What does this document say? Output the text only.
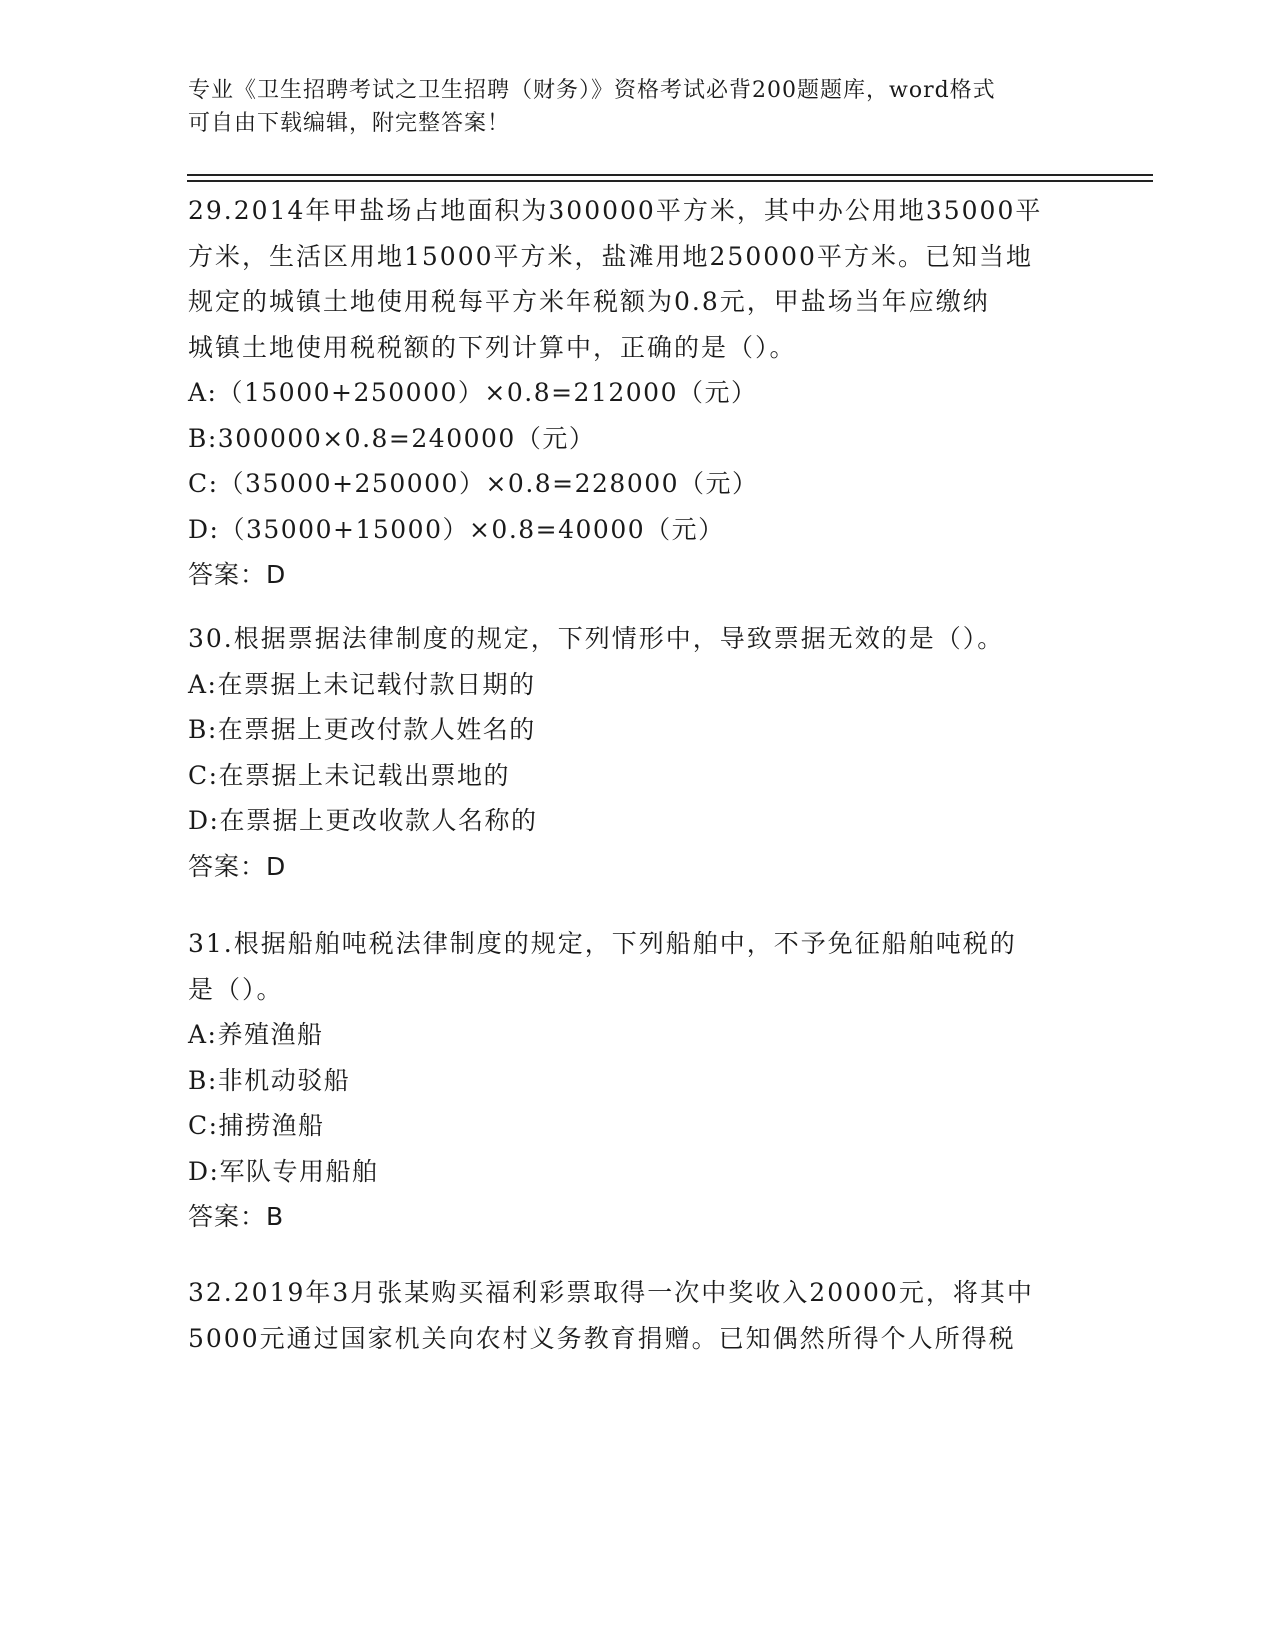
专业《卫生招聘考试之卫生招聘（财务）》资格考试必背200题题库，word格式
可自由下载编辑，附完整答案！
29.2014年甲盐场占地面积为300000平方米，其中办公用地35000平
方米，生活区用地15000平方米，盐滩用地250000平方米。已知当地
规定的城镇土地使用税每平方米年税额为0.8元，甲盐场当年应缴纳
城镇土地使用税税额的下列计算中，正确的是（）。
A:（15000+250000）×0.8=212000（元）
B:300000×0.8=240000（元）
C:（35000+250000）×0.8=228000（元）
D:（35000+15000）×0.8=40000（元）
答案：D
30.根据票据法律制度的规定，下列情形中，导致票据无效的是（）。
A:在票据上未记载付款日期的
B:在票据上更改付款人姓名的
C:在票据上未记载出票地的
D:在票据上更改收款人名称的
答案：D
31.根据船舶吨税法律制度的规定，下列船舶中，不予免征船舶吨税的
是（）。
A:养殖渔船
B:非机动驳船
C:捕捞渔船
D:军队专用船舶
答案：B
32.2019年3月张某购买福利彩票取得一次中奖收入20000元，将其中
5000元通过国家机关向农村义务教育捐赠。已知偶然所得个人所得税
